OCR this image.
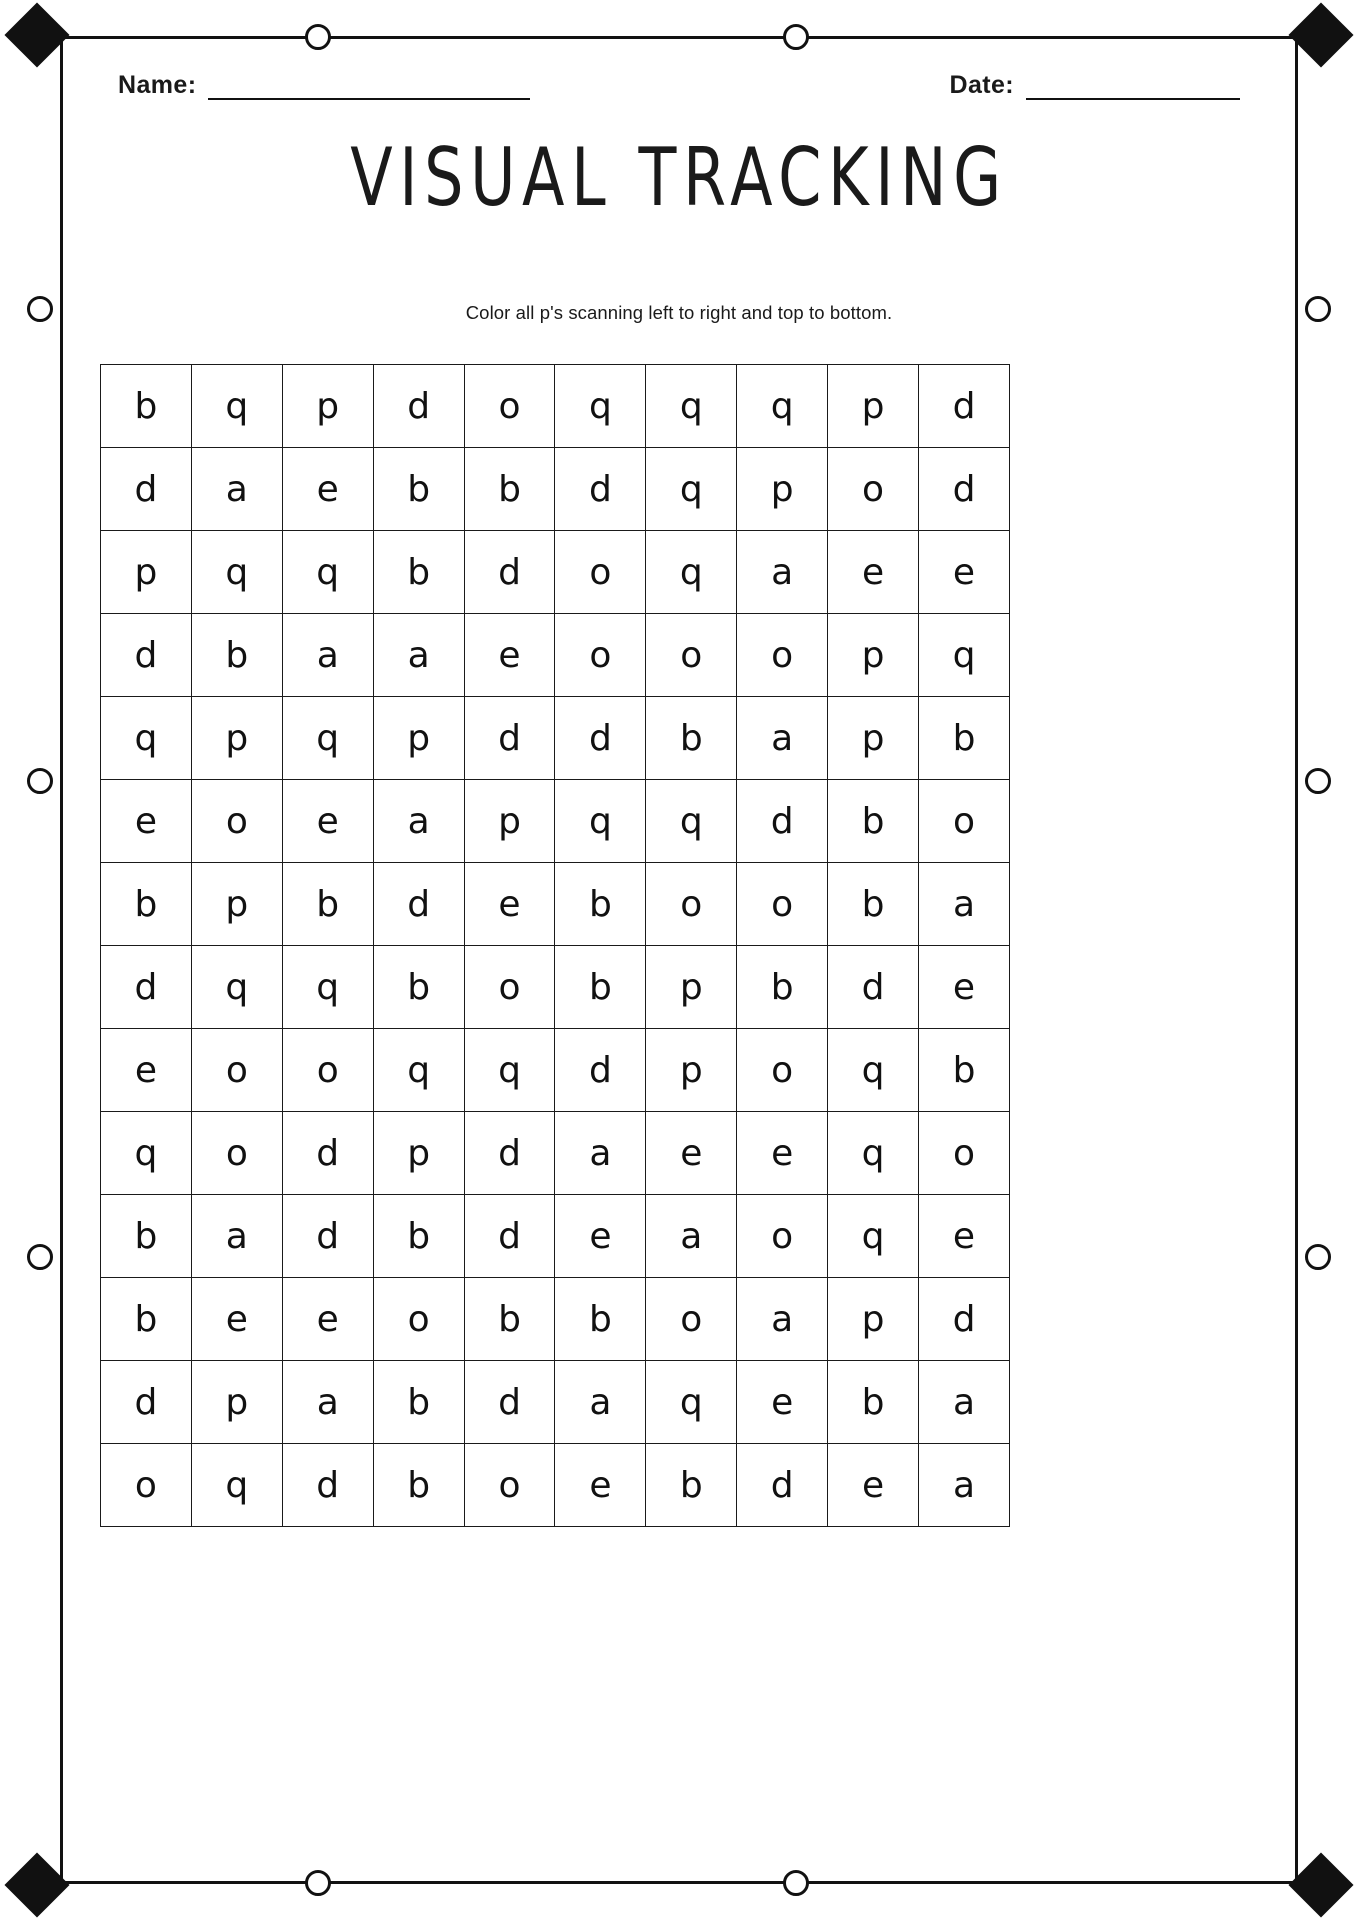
Name:	Date:
VISUAL TRACKING
Color all p's scanning left to right and top to bottom.
b	q	p	d	o	q	q	q	p	d
d	a	e	b	b	d	q	p	o	d
p	q	q	b	d	o	q	a	e	e
d	b	a	a	e	o	o	o	p	q
q	p	q	p	d	d	b	a	p	b
e	o	e	a	p	q	q	d	b	o
b	p	b	d	e	b	o	o	b	a
d	q	q	b	o	b	p	b	d	e
e	o	o	q	q	d	p	o	q	b
q	o	d	p	d	a	e	e	q	o
b	a	d	b	d	e	a	o	q	e
b	e	e	o	b	b	o	a	p	d
d	p	a	b	d	a	q	e	b	a
o	q	d	b	o	e	b	d	e	a
